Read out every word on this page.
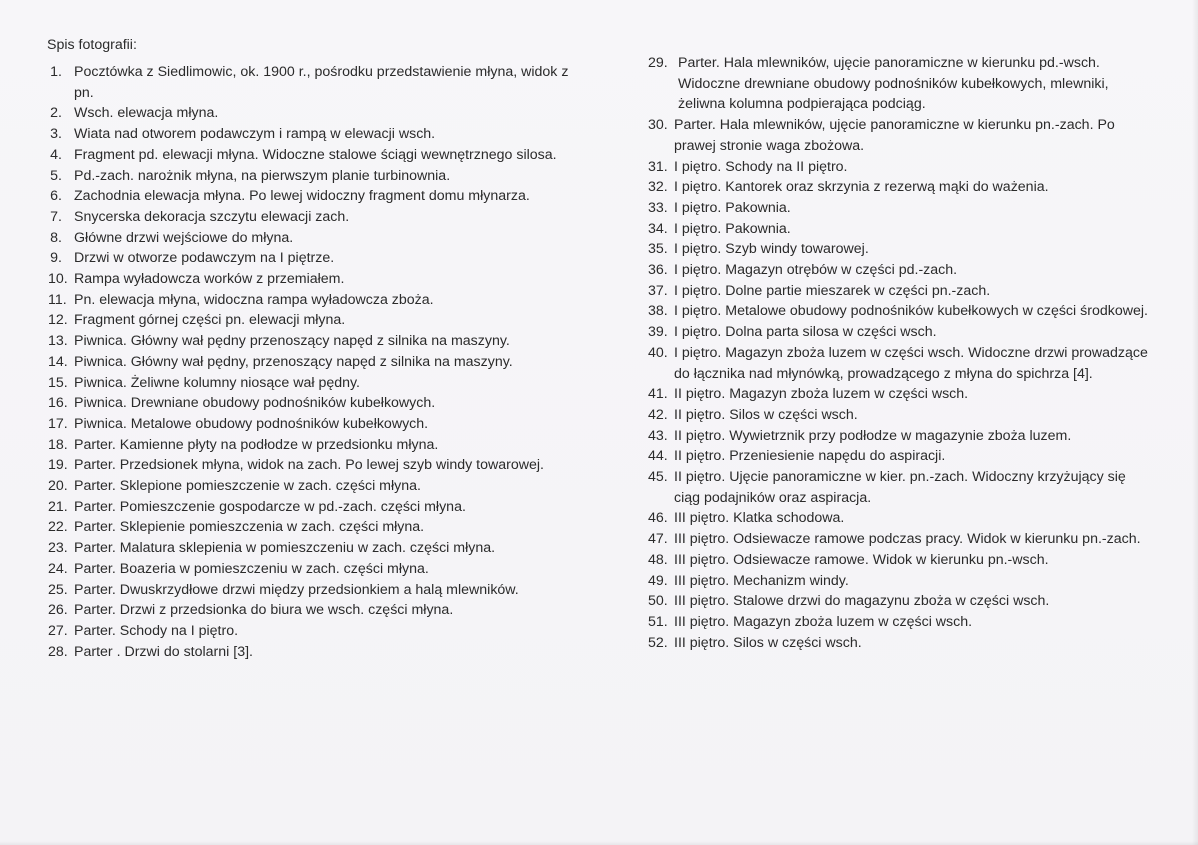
Spis fotografii:
1. Pocztówka z Siedlimowic, ok. 1900 r., pośrodku przedstawienie młyna, widok z pn.
2. Wsch. elewacja młyna.
3. Wiata nad otworem podawczym i rampą w elewacji wsch.
4. Fragment pd. elewacji młyna. Widoczne stalowe ściągi wewnętrznego silosa.
5. Pd.-zach. narożnik młyna, na pierwszym planie turbinownia.
6. Zachodnia elewacja młyna. Po lewej widoczny fragment domu młynarza.
7. Snycerska dekoracja szczytu elewacji zach.
8. Główne drzwi wejściowe do młyna.
9. Drzwi w otworze podawczym na I piętrze.
10. Rampa wyładowcza worków z przemiałem.
11. Pn. elewacja młyna, widoczna rampa wyładowcza zboża.
12. Fragment górnej części pn. elewacji młyna.
13. Piwnica. Główny wał pędny przenoszący napęd z silnika na maszyny.
14. Piwnica. Główny wał pędny, przenoszący napęd z silnika na maszyny.
15. Piwnica. Żeliwne kolumny niosące wał pędny.
16. Piwnica. Drewniane obudowy podnośników kubełkowych.
17. Piwnica. Metalowe obudowy podnośników kubełkowych.
18. Parter. Kamienne płyty na podłodze w przedsionku młyna.
19. Parter. Przedsionek młyna, widok na zach. Po lewej szyb windy towarowej.
20. Parter. Sklepione pomieszczenie w zach. części młyna.
21. Parter. Pomieszczenie gospodarcze w pd.-zach. części młyna.
22. Parter. Sklepienie pomieszczenia w zach. części młyna.
23. Parter. Malatura sklepienia w pomieszczeniu w zach. części młyna.
24. Parter. Boazeria w pomieszczeniu w zach. części młyna.
25. Parter. Dwuskrzydłowe drzwi między przedsionkiem a halą mlewników.
26. Parter. Drzwi z przedsionka do biura we wsch. części młyna.
27. Parter. Schody na I piętro.
28. Parter . Drzwi do stolarni [3].
29. Parter. Hala mlewników, ujęcie panoramiczne w kierunku pd.-wsch. Widoczne drewniane obudowy podnośników kubełkowych, mlewniki, żeliwna kolumna podpierająca podciąg.
30. Parter. Hala mlewników, ujęcie panoramiczne w kierunku pn.-zach. Po prawej stronie waga zbożowa.
31. I piętro. Schody na II piętro.
32. I piętro. Kantorek oraz skrzynia z rezerwą mąki do ważenia.
33. I piętro. Pakownia.
34. I piętro. Pakownia.
35. I piętro. Szyb windy towarowej.
36. I piętro. Magazyn otrębów w części pd.-zach.
37. I piętro. Dolne partie mieszarek w części pn.-zach.
38. I piętro. Metalowe obudowy podnośników kubełkowych w części środkowej.
39. I piętro. Dolna parta silosa w części wsch.
40. I piętro. Magazyn zboża luzem w części wsch. Widoczne drzwi prowadzące do łącznika nad młynówką, prowadzącego z młyna do spichrza [4].
41. II piętro. Magazyn zboża luzem w części wsch.
42. II piętro. Silos w części wsch.
43. II piętro. Wywietrznik przy podłodze w magazynie zboża luzem.
44. II piętro. Przeniesienie napędu do aspiracji.
45. II piętro. Ujęcie panoramiczne w kier. pn.-zach. Widoczny krzyżujący się ciąg podajników oraz aspiracja.
46. III piętro. Klatka schodowa.
47. III piętro. Odsiewacze ramowe podczas pracy. Widok w kierunku pn.-zach.
48. III piętro. Odsiewacze ramowe. Widok w kierunku pn.-wsch.
49. III piętro. Mechanizm windy.
50. III piętro. Stalowe drzwi do magazynu zboża w części wsch.
51. III piętro. Magazyn zboża luzem w części wsch.
52. III piętro. Silos w części wsch.
